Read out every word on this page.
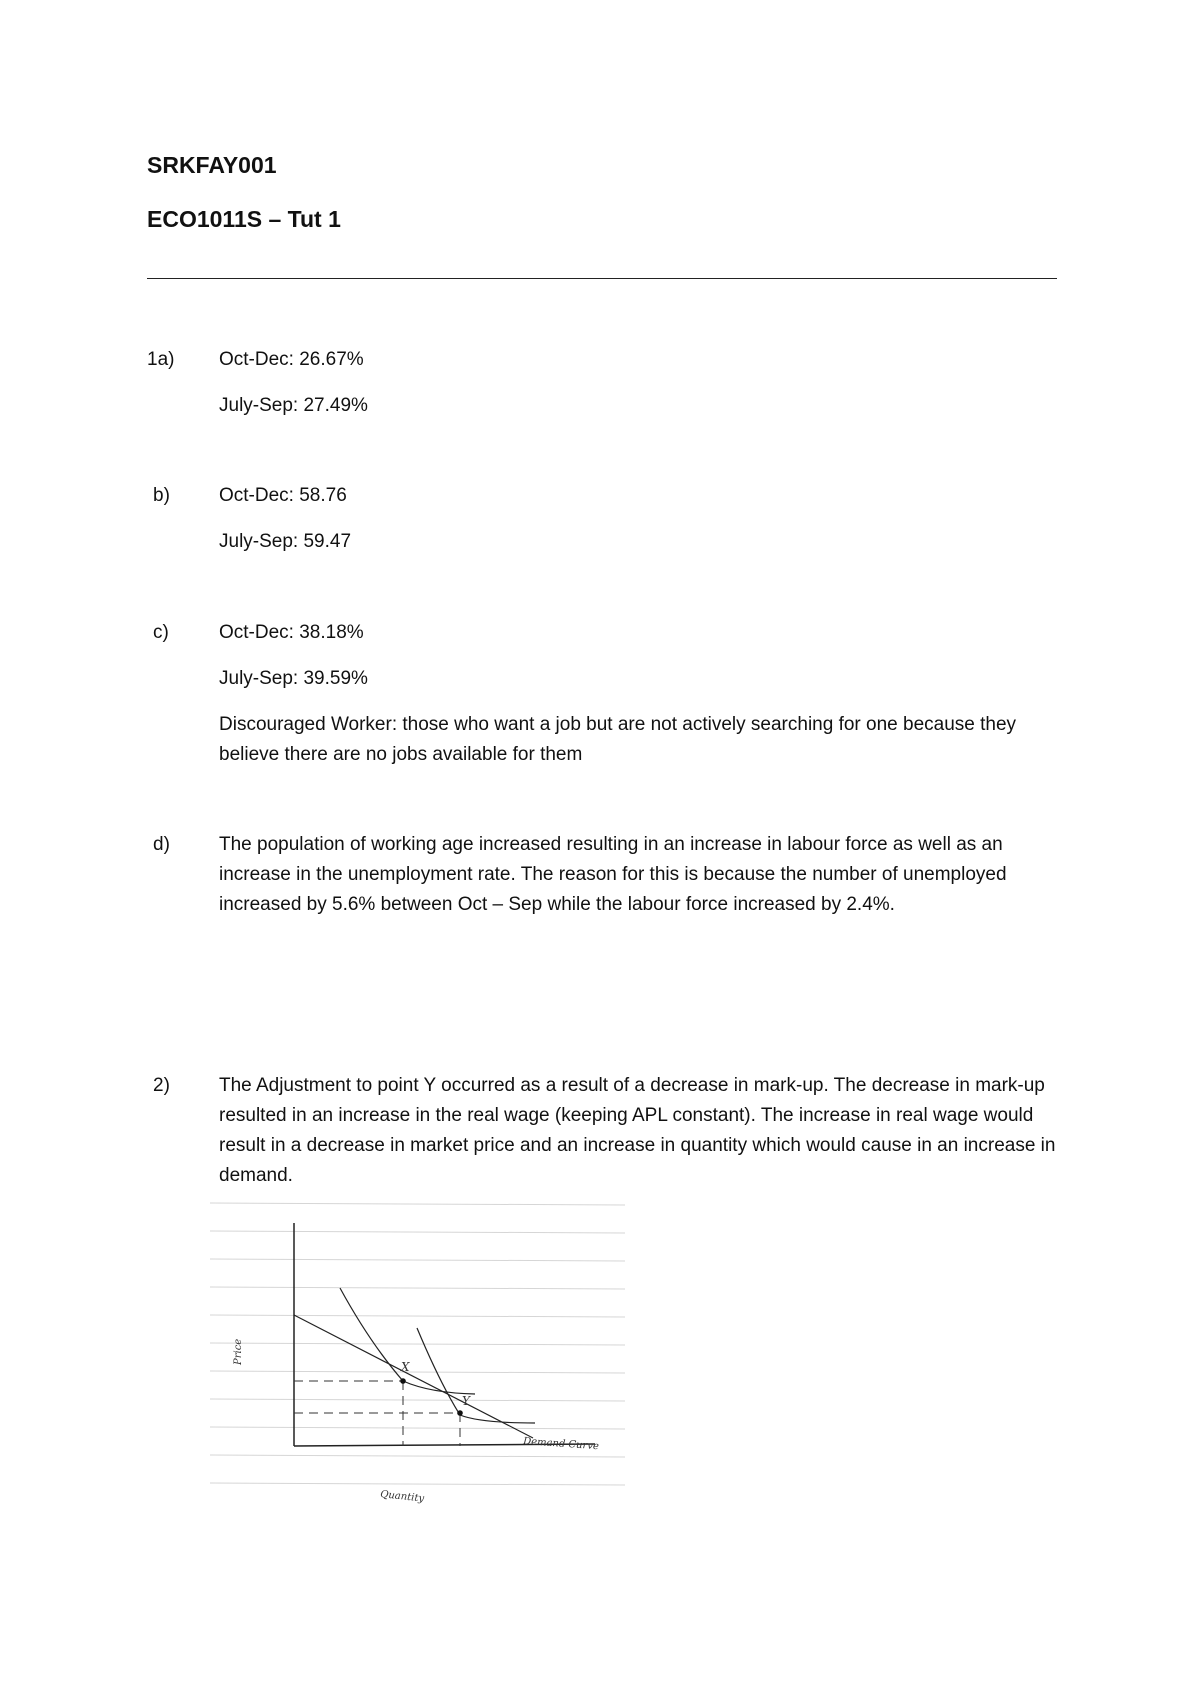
SRKFAY001
ECO1011S – Tut 1
1a)	Oct-Dec: 26.67%
July-Sep: 27.49%
b)	Oct-Dec: 58.76
July-Sep: 59.47
c)	Oct-Dec: 38.18%
July-Sep: 39.59%
Discouraged Worker: those who want a job but are not actively searching for one because they believe there are no jobs available for them
d)	The population of working age increased resulting in an increase in labour force as well as an increase in the unemployment rate. The reason for this is because the number of unemployed increased by 5.6% between Oct – Sep while the labour force increased by 2.4%.
2)	The Adjustment to point Y occurred as a result of a decrease in mark-up. The decrease in mark-up resulted in an increase in the real wage (keeping APL constant). The increase in real wage would result in a decrease in market price and an increase in quantity which would cause in an increase in demand.
X
Y
Demand Curve
Quantity
Price
